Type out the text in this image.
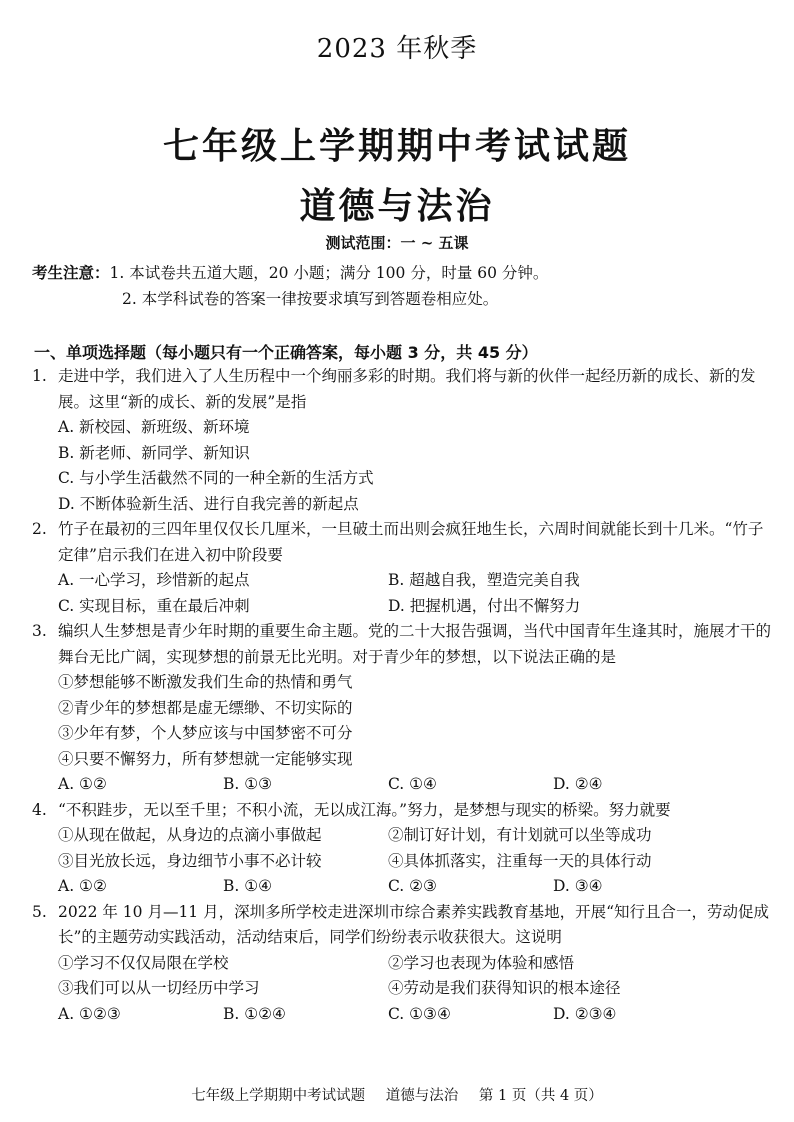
2023 年秋季
七年级上学期期中考试试题
道德与法治
测试范围：一 ~ 五课
考生注意：1. 本试卷共五道大题，20 小题；满分 100 分，时量 60 分钟。
2. 本学科试卷的答案一律按要求填写到答题卷相应处。
一、单项选择题（每小题只有一个正确答案，每小题 3 分，共 45 分）
1. 走进中学，我们进入了人生历程中一个绚丽多彩的时期。我们将与新的伙伴一起经历新的成长、新的发展。这里“新的成长、新的发展”是指
A. 新校园、新班级、新环境
B. 新老师、新同学、新知识
C. 与小学生活截然不同的一种全新的生活方式
D. 不断体验新生活、进行自我完善的新起点
2. 竹子在最初的三四年里仅仅长几厘米，一旦破土而出则会疯狂地生长，六周时间就能长到十几米。“竹子定律”启示我们在进入初中阶段要
A. 一心学习，珍惜新的起点	B. 超越自我，塑造完美自我
C. 实现目标，重在最后冲刺	D. 把握机遇，付出不懈努力
3. 编织人生梦想是青少年时期的重要生命主题。党的二十大报告强调，当代中国青年生逢其时，施展才干的舞台无比广阔，实现梦想的前景无比光明。对于青少年的梦想，以下说法正确的是
①梦想能够不断激发我们生命的热情和勇气
②青少年的梦想都是虚无缥缈、不切实际的
③少年有梦，个人梦应该与中国梦密不可分
④只要不懈努力，所有梦想就一定能够实现
A. ①②	B. ①③	C. ①④	D. ②④
4. “不积跬步，无以至千里；不积小流，无以成江海。”努力，是梦想与现实的桥梁。努力就要
①从现在做起，从身边的点滴小事做起	②制订好计划，有计划就可以坐等成功
③目光放长远，身边细节小事不必计较	④具体抓落实，注重每一天的具体行动
A. ①②	B. ①④	C. ②③	D. ③④
5. 2022 年 10 月—11 月，深圳多所学校走进深圳市综合素养实践教育基地，开展“知行且合一，劳动促成长”的主题劳动实践活动，活动结束后，同学们纷纷表示收获很大。这说明
①学习不仅仅局限在学校	②学习也表现为体验和感悟
③我们可以从一切经历中学习	④劳动是我们获得知识的根本途径
A. ①②③	B. ①②④	C. ①③④	D. ②③④
七年级上学期期中考试试题 道德与法治 第 1 页（共 4 页）
